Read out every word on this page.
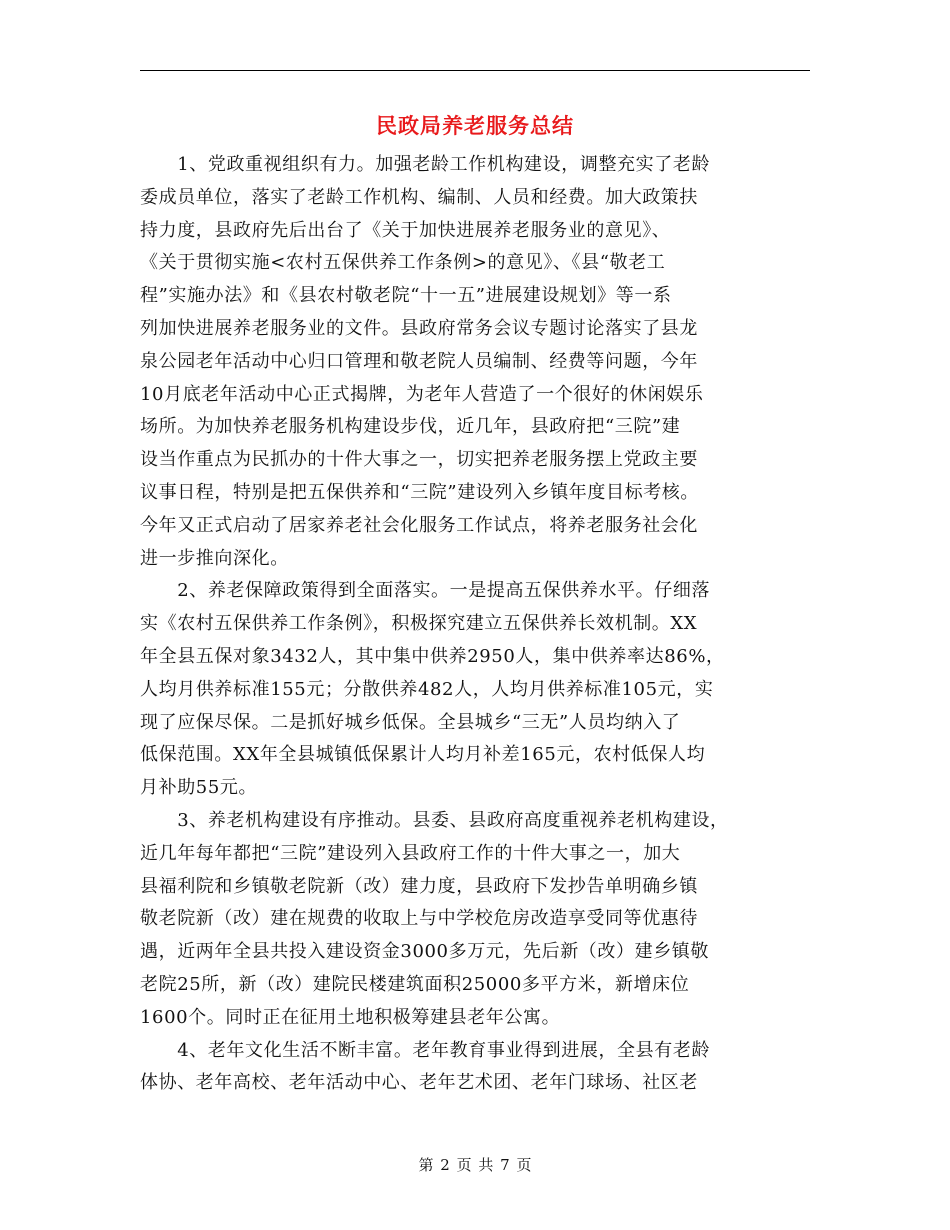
民政局养老服务总结

　　1、党政重视组织有力。加强老龄工作机构建设，调整充实了老龄
委成员单位，落实了老龄工作机构、编制、人员和经费。加大政策扶
持力度，县政府先后出台了《关于加快进展养老服务业的意见》、
《关于贯彻实施<农村五保供养工作条例>的意见》、《县“敬老工
程”实施办法》和《县农村敬老院“十一五”进展建设规划》等一系
列加快进展养老服务业的文件。县政府常务会议专题讨论落实了县龙
泉公园老年活动中心归口管理和敬老院人员编制、经费等问题，今年
10月底老年活动中心正式揭牌，为老年人营造了一个很好的休闲娱乐
场所。为加快养老服务机构建设步伐，近几年，县政府把“三院”建
设当作重点为民抓办的十件大事之一，切实把养老服务摆上党政主要
议事日程，特别是把五保供养和“三院”建设列入乡镇年度目标考核。
今年又正式启动了居家养老社会化服务工作试点，将养老服务社会化
进一步推向深化。

　　2、养老保障政策得到全面落实。一是提高五保供养水平。仔细落
实《农村五保供养工作条例》，积极探究建立五保供养长效机制。XX
年全县五保对象3432人，其中集中供养2950人，集中供养率达86%，
人均月供养标准155元；分散供养482人，人均月供养标准105元，实
现了应保尽保。二是抓好城乡低保。全县城乡“三无”人员均纳入了
低保范围。XX年全县城镇低保累计人均月补差165元，农村低保人均
月补助55元。

　　3、养老机构建设有序推动。县委、县政府高度重视养老机构建设，
近几年每年都把“三院”建设列入县政府工作的十件大事之一，加大
县福利院和乡镇敬老院新（改）建力度，县政府下发抄告单明确乡镇
敬老院新（改）建在规费的收取上与中学校危房改造享受同等优惠待
遇，近两年全县共投入建设资金3000多万元，先后新（改）建乡镇敬
老院25所，新（改）建院民楼建筑面积25000多平方米，新增床位
1600个。同时正在征用土地积极筹建县老年公寓。

　　4、老年文化生活不断丰富。老年教育事业得到进展，全县有老龄
体协、老年高校、老年活动中心、老年艺术团、老年门球场、社区老

第 2 页 共 7 页
